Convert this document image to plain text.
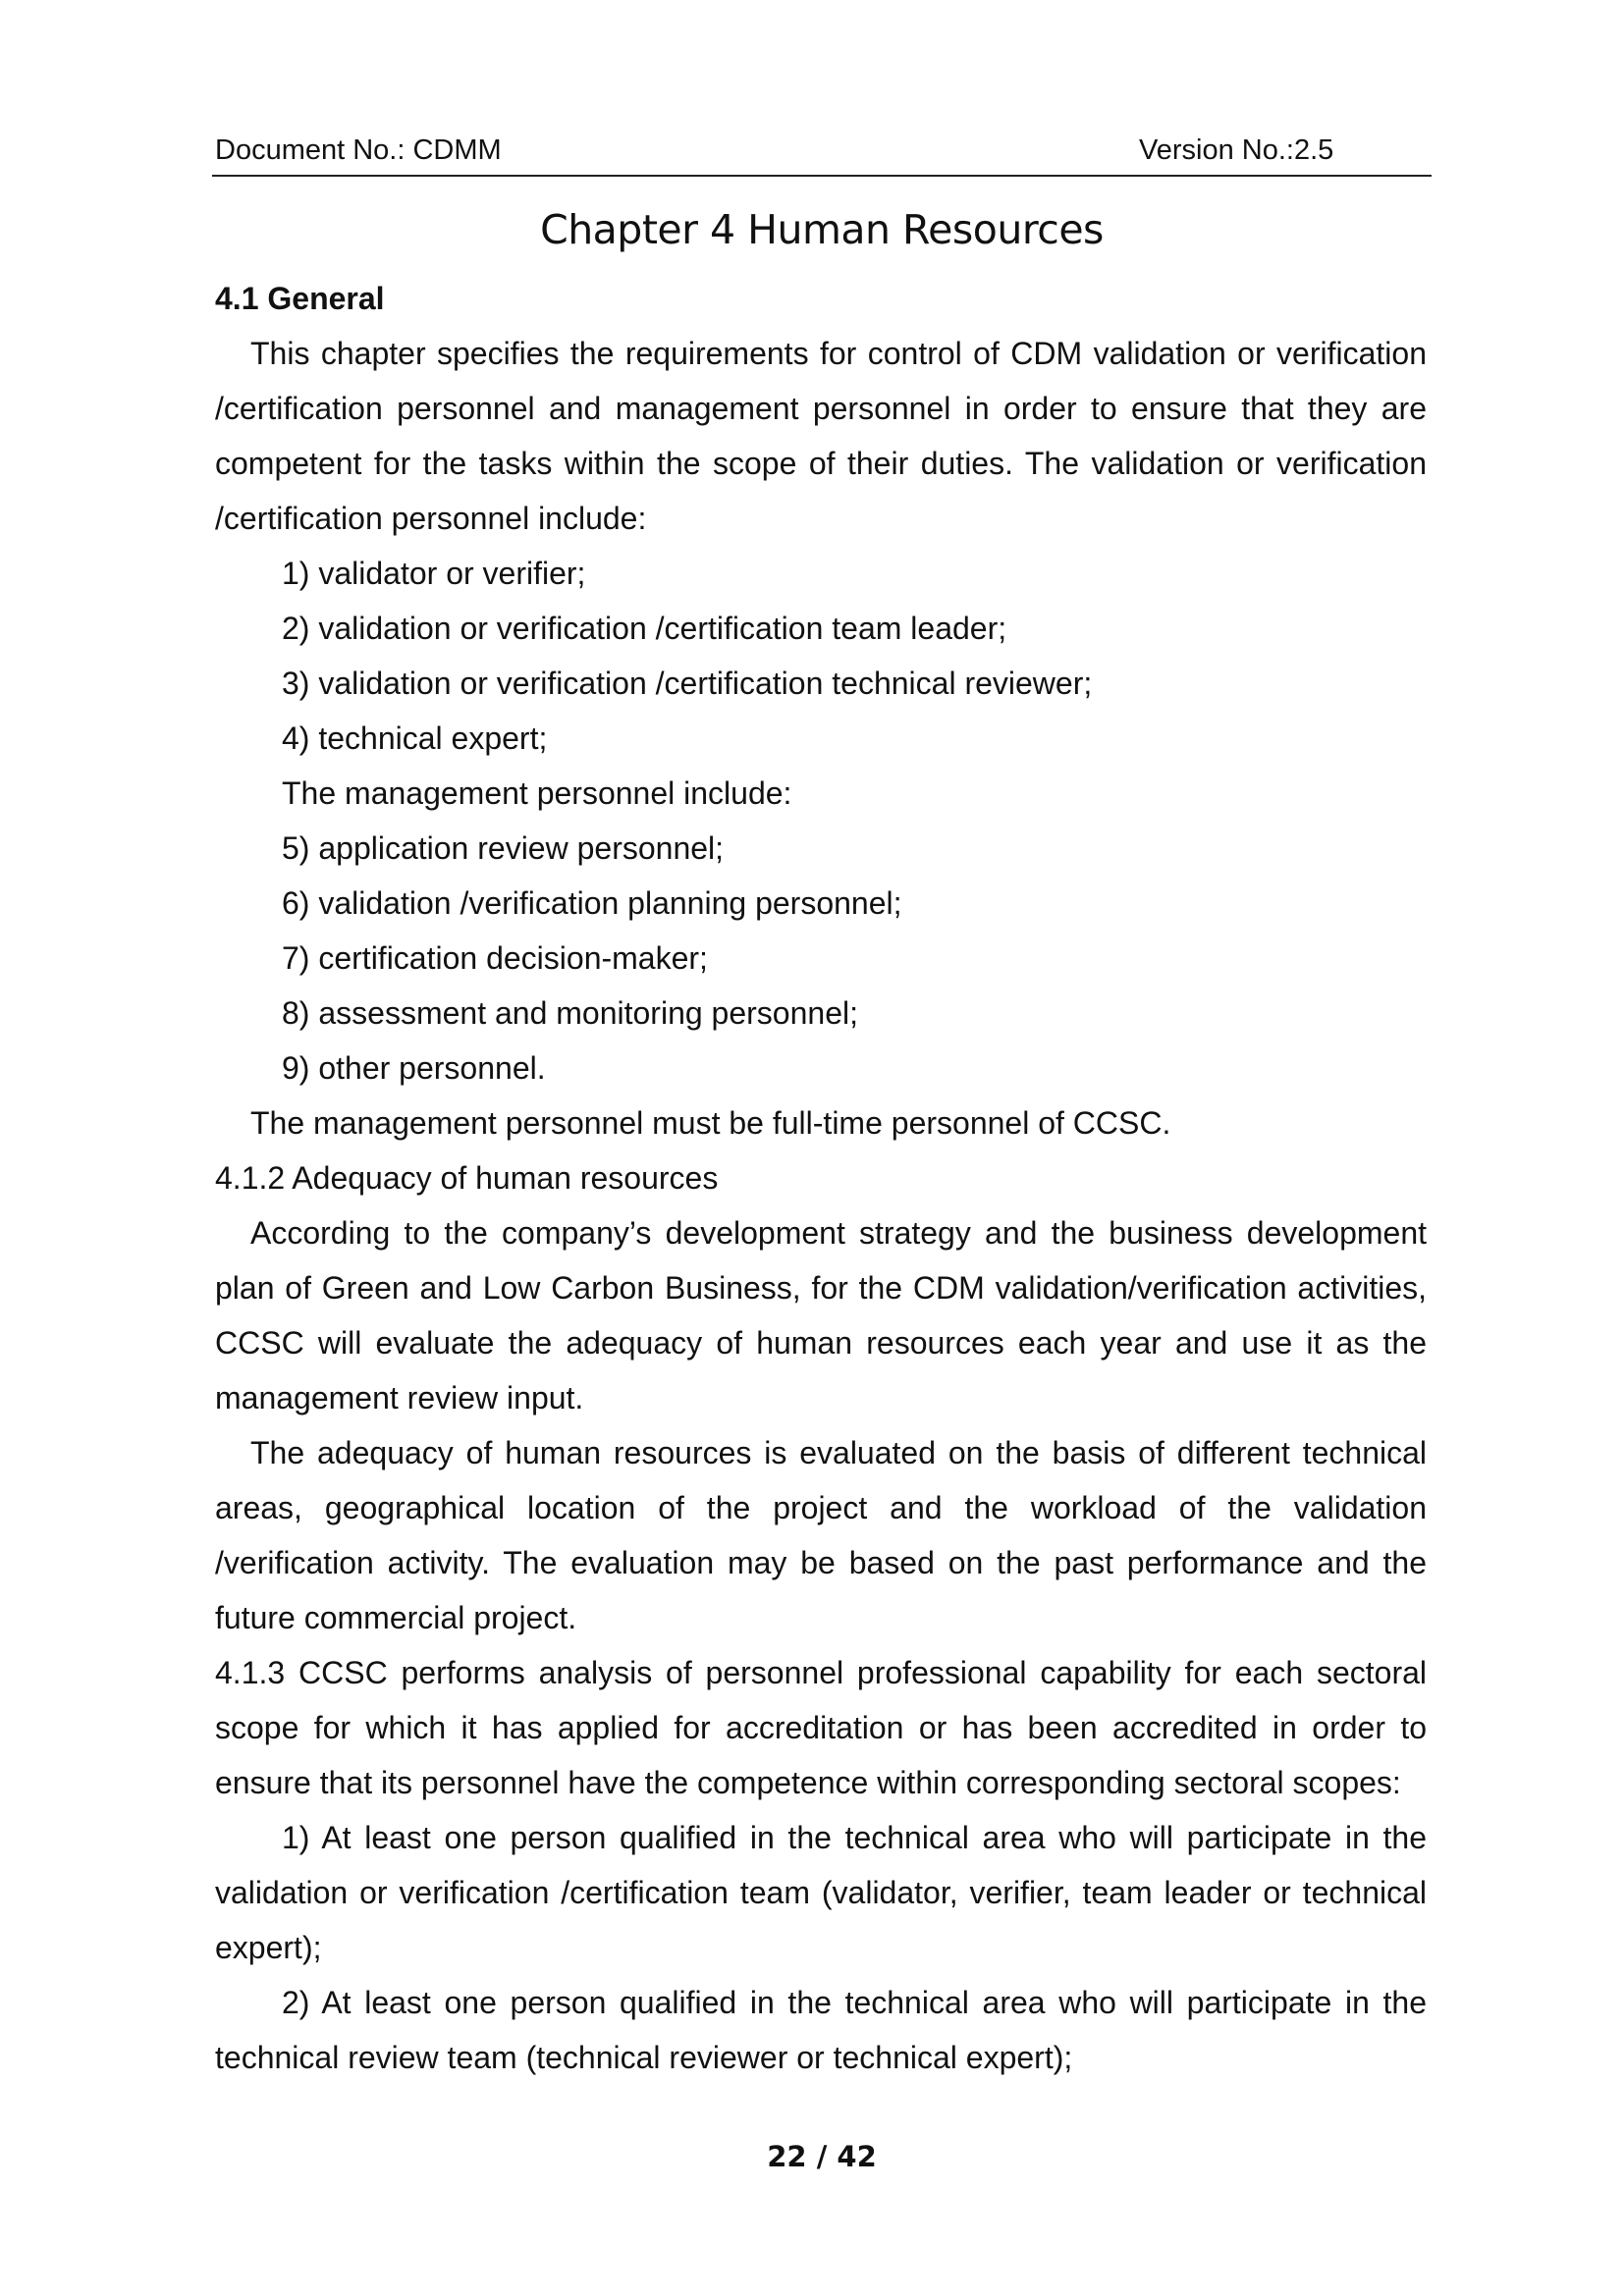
Document No.: CDMM	Version No.:2.5
Chapter 4 Human Resources

4.1 General

This chapter specifies the requirements for control of CDM validation or verification /certification personnel and management personnel in order to ensure that they are competent for the tasks within the scope of their duties. The validation or verification /certification personnel include:

1) validator or verifier;

2) validation or verification /certification team leader;

3) validation or verification /certification technical reviewer;

4) technical expert;

The management personnel include:

5) application review personnel;

6) validation /verification planning personnel;

7) certification decision-maker;

8) assessment and monitoring personnel;

9) other personnel.

The management personnel must be full-time personnel of CCSC.

4.1.2 Adequacy of human resources

According to the company’s development strategy and the business development plan of Green and Low Carbon Business, for the CDM validation/verification activities, CCSC will evaluate the adequacy of human resources each year and use it as the management review input.

The adequacy of human resources is evaluated on the basis of different technical areas, geographical location of the project and the workload of the validation /verification activity. The evaluation may be based on the past performance and the future commercial project.

4.1.3 CCSC performs analysis of personnel professional capability for each sectoral scope for which it has applied for accreditation or has been accredited in order to ensure that its personnel have the competence within corresponding sectoral scopes:

1) At least one person qualified in the technical area who will participate in the validation or verification /certification team (validator, verifier, team leader or technical expert);

2) At least one person qualified in the technical area who will participate in the technical review team (technical reviewer or technical expert);

22 / 42
